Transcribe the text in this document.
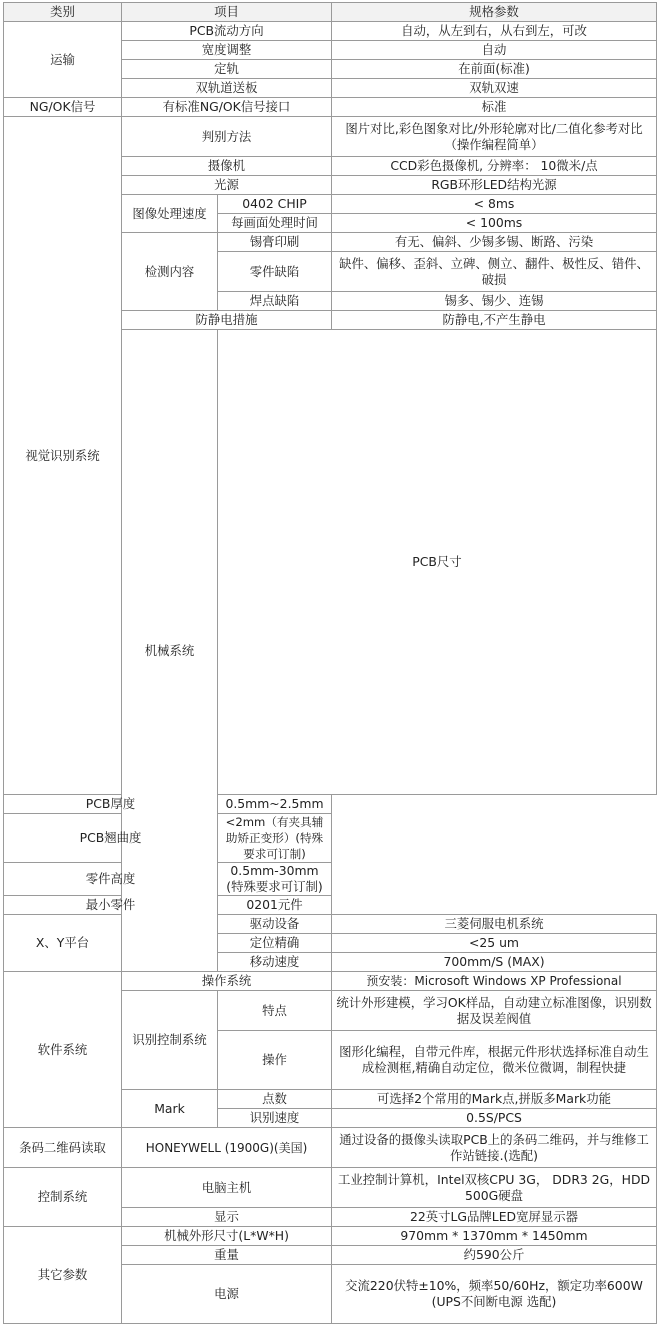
类别	项目		规格参数	
运输	PCB流动方向		自动，从左到右，从右到左，可改	
	宽度调整		自动	
	定轨		在前面(标准)	
	双轨道送板		双轨双速	
NG/OK信号	有标准NG/OK信号接口		标准	
视觉识别系统	判别方法		图片对比,彩色图象对比/外形轮廓对比/二值化参考对比（操作编程简单）	
	摄像机		CCD彩色摄像机, 分辨率： 10微米/点	
	光源		RGB环形LED结构光源	
	图像处理速度	0402 CHIP	< 8ms	
		每画面处理时间	< 100ms	
	检测内容	锡膏印刷	有无、偏斜、少锡多锡、断路、污染	
		零件缺陷	缺件、偏移、歪斜、立碑、侧立、翻件、极性反、错件、破损	
		焊点缺陷	锡多、锡少、连锡	
	防静电措施		防静电,不产生静电	
	机械系统	PCB尺寸	

PCB厚度		0.5mm~2.5mm		
PCB翘曲度		<2mm（有夹具辅助矫正变形）(特殊要求可订制)		
零件高度		0.5mm-30mm (特殊要求可订制)		
最小零件		0201元件		
X、Y平台		驱动设备	三菱伺服电机系统	
		定位精确	<25 um	
		移动速度	700mm/S (MAX)	
软件系统	操作系统		预安装：Microsoft Windows XP Professional	
	识别控制系统	特点	统计外形建模，学习OK样品，自动建立标准图像，识别数据及误差阀值	
		操作	图形化编程，自带元件库，根据元件形状选择标准自动生成检测框,精确自动定位，微米位微调，制程快捷	
	Mark	点数	可选择2个常用的Mark点,拼版多Mark功能	
		识别速度	0.5S/PCS	
条码二维码读取	HONEYWELL (1900G)(美国)		通过设备的摄像头读取PCB上的条码二维码，并与维修工作站链接.(选配)	
控制系统	电脑主机		工业控制计算机，Intel双核CPU 3G， DDR3 2G，HDD 500G硬盘	
	显示		22英寸LG品牌LED宽屏显示器	
其它参数	机械外形尺寸(L*W*H)		970mm * 1370mm * 1450mm	
	重量		约590公斤	
	电源		交流220伏特±10%，频率50/60Hz，额定功率600W
(UPS不间断电源 选配)	
